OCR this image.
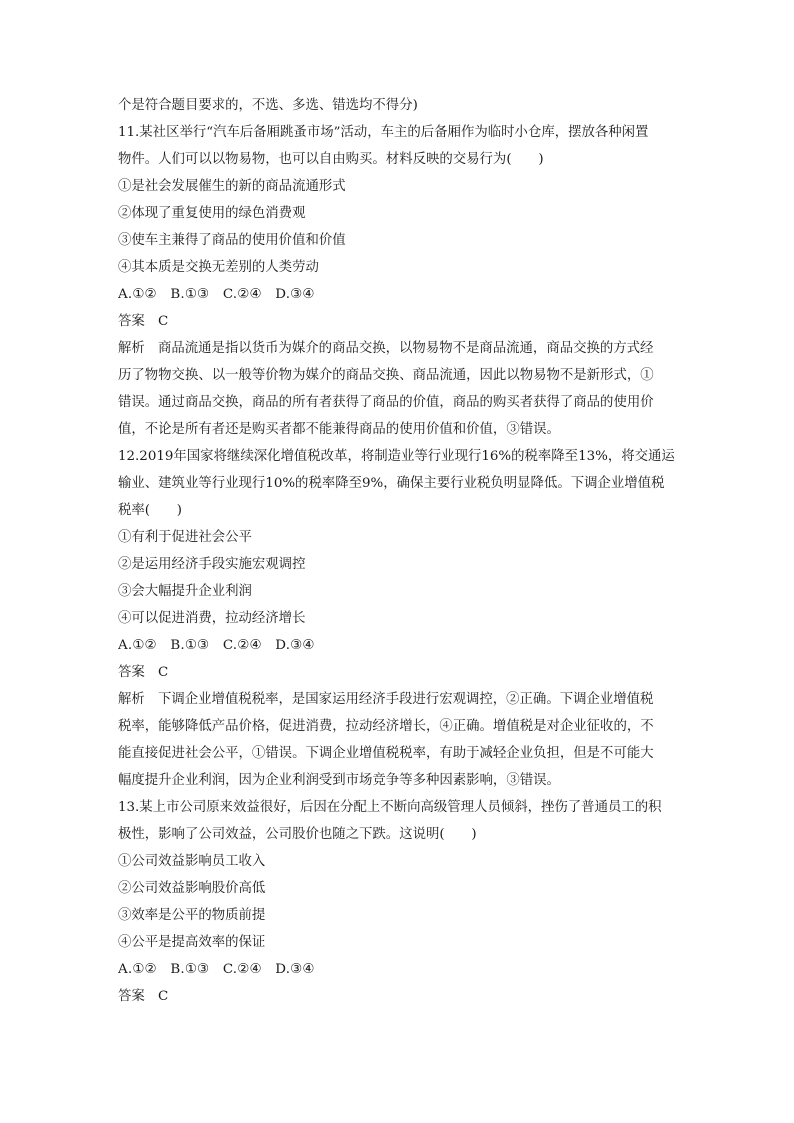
个是符合题目要求的，不选、多选、错选均不得分)
11.某社区举行“汽车后备厢跳蚤市场”活动，车主的后备厢作为临时小仓库，摆放各种闲置
物件。人们可以以物易物，也可以自由购买。材料反映的交易行为(　　)
①是社会发展催生的新的商品流通形式
②体现了重复使用的绿色消费观
③使车主兼得了商品的使用价值和价值
④其本质是交换无差别的人类劳动
A.①②　B.①③　C.②④　D.③④
答案 C
解析 商品流通是指以货币为媒介的商品交换，以物易物不是商品流通，商品交换的方式经
历了物物交换、以一般等价物为媒介的商品交换、商品流通，因此以物易物不是新形式，①
错误。通过商品交换，商品的所有者获得了商品的价值，商品的购买者获得了商品的使用价
值，不论是所有者还是购买者都不能兼得商品的使用价值和价值，③错误。
12.2019年国家将继续深化增值税改革，将制造业等行业现行16%的税率降至13%，将交通运
输业、建筑业等行业现行10%的税率降至9%，确保主要行业税负明显降低。下调企业增值税
税率(　　)
①有利于促进社会公平
②是运用经济手段实施宏观调控
③会大幅提升企业利润
④可以促进消费，拉动经济增长
A.①②　B.①③　C.②④　D.③④
答案 C
解析 下调企业增值税税率，是国家运用经济手段进行宏观调控，②正确。下调企业增值税
税率，能够降低产品价格，促进消费，拉动经济增长，④正确。增值税是对企业征收的，不
能直接促进社会公平，①错误。下调企业增值税税率，有助于减轻企业负担，但是不可能大
幅度提升企业利润，因为企业利润受到市场竞争等多种因素影响，③错误。
13.某上市公司原来效益很好，后因在分配上不断向高级管理人员倾斜，挫伤了普通员工的积
极性，影响了公司效益，公司股价也随之下跌。这说明(　　)
①公司效益影响员工收入
②公司效益影响股价高低
③效率是公平的物质前提
④公平是提高效率的保证
A.①②　B.①③　C.②④　D.③④
答案 C
